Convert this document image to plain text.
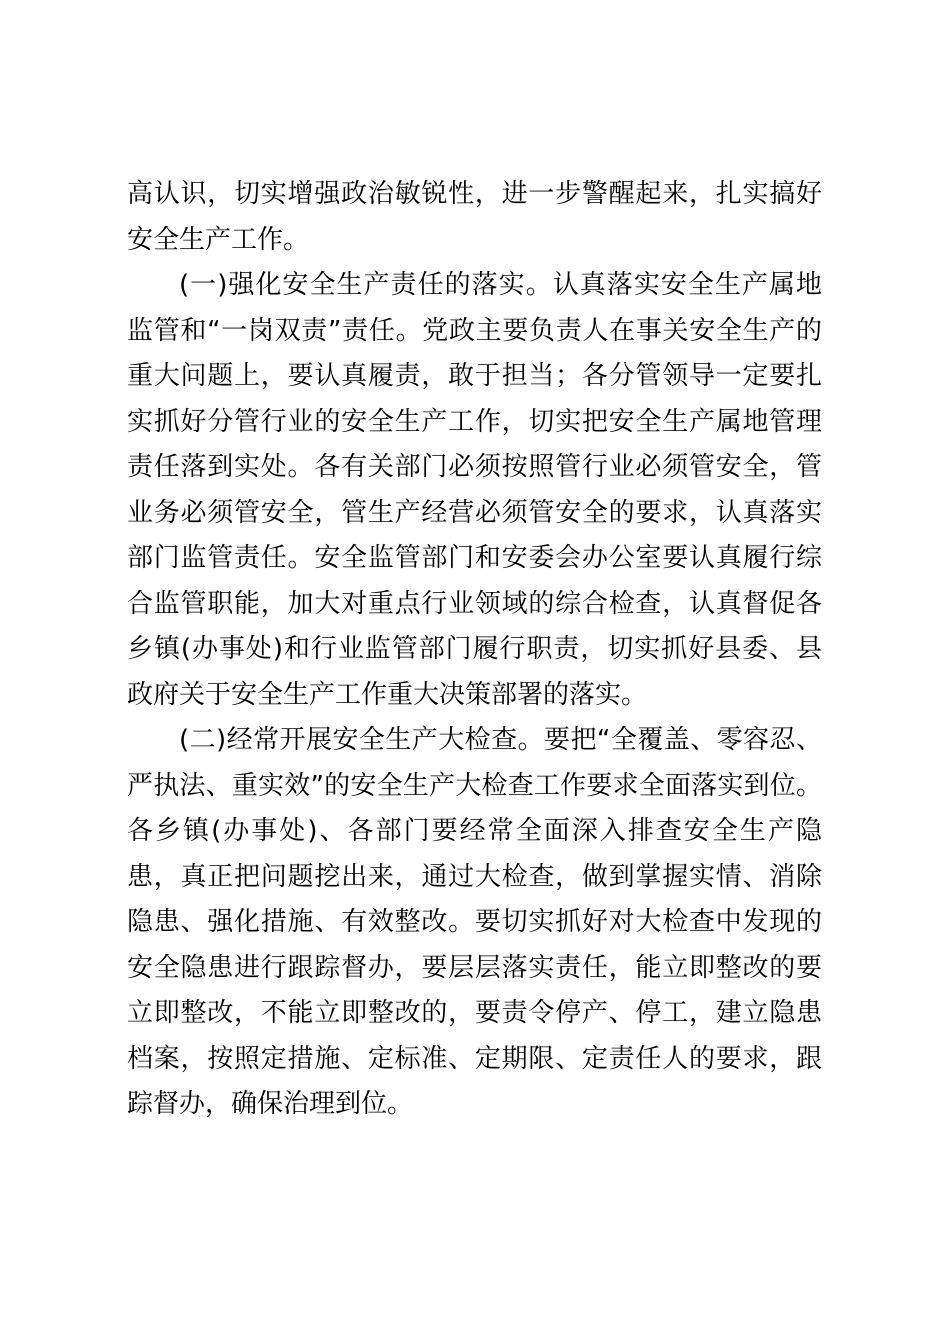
高认识，切实增强政治敏锐性，进一步警醒起来，扎实搞好安全生产工作。

(一)强化安全生产责任的落实。认真落实安全生产属地监管和“一岗双责”责任。党政主要负责人在事关安全生产的重大问题上，要认真履责，敢于担当；各分管领导一定要扎实抓好分管行业的安全生产工作，切实把安全生产属地管理责任落到实处。各有关部门必须按照管行业必须管安全，管业务必须管安全，管生产经营必须管安全的要求，认真落实部门监管责任。安全监管部门和安委会办公室要认真履行综合监管职能，加大对重点行业领域的综合检查，认真督促各乡镇(办事处)和行业监管部门履行职责，切实抓好县委、县政府关于安全生产工作重大决策部署的落实。

(二)经常开展安全生产大检查。要把“全覆盖、零容忍、严执法、重实效”的安全生产大检查工作要求全面落实到位。各乡镇(办事处)、各部门要经常全面深入排查安全生产隐患，真正把问题挖出来，通过大检查，做到掌握实情、消除隐患、强化措施、有效整改。要切实抓好对大检查中发现的安全隐患进行跟踪督办，要层层落实责任，能立即整改的要立即整改，不能立即整改的，要责令停产、停工，建立隐患档案，按照定措施、定标准、定期限、定责任人的要求，跟踪督办，确保治理到位。
